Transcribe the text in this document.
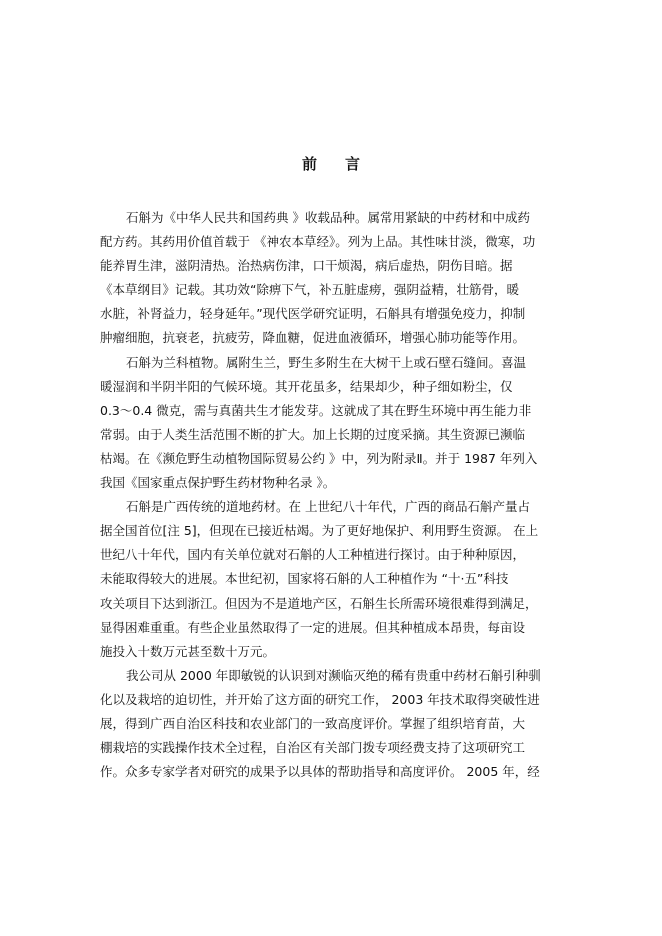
前 言
石斛为《中华人民共和国药典 》收载品种。属常用紧缺的中药材和中成药
配方药。其药用价值首载于 《神农本草经》。列为上品。其性味甘淡，微寒，功
能养胃生津，滋阴清热。治热病伤津，口干烦渴，病后虚热，阴伤目暗。据
《本草纲目》记载。其功效“除痹下气，补五脏虚痨，强阴益精，壮筋骨，暖
水脏，补肾益力，轻身延年。”现代医学研究证明，石斛具有增强免疫力，抑制
肿瘤细胞，抗衰老，抗疲劳，降血糖，促进血液循环，增强心肺功能等作用。
石斛为兰科植物。属附生兰，野生多附生在大树干上或石壁石缝间。喜温
暖湿润和半阴半阳的气候环境。其开花虽多，结果却少，种子细如粉尘，仅
0.3～0.4 微克，需与真菌共生才能发芽。这就成了其在野生环境中再生能力非
常弱。由于人类生活范围不断的扩大。加上长期的过度采摘。其生资源已濒临
枯竭。在《濒危野生动植物国际贸易公约 》中，列为附录Ⅱ。并于 1987 年列入
我国《国家重点保护野生药材物种名录 》。
石斛是广西传统的道地药材。在 上世纪八十年代，广西的商品石斛产量占
据全国首位[注 5]，但现在已接近枯竭。为了更好地保护、利用野生资源。 在上
世纪八十年代，国内有关单位就对石斛的人工种植进行探讨。由于种种原因，
未能取得较大的进展。本世纪初，国家将石斛的人工种植作为 “十·五”科技
攻关项目下达到浙江。但因为不是道地产区，石斛生长所需环境很难得到满足，
显得困难重重。有些企业虽然取得了一定的进展。但其种植成本昂贵，每亩设
施投入十数万元甚至数十万元。
我公司从 2000 年即敏锐的认识到对濒临灭绝的稀有贵重中药材石斛引种驯
化以及栽培的迫切性，并开始了这方面的研究工作， 2003 年技术取得突破性进
展，得到广西自治区科技和农业部门的一致高度评价。掌握了组织培育苗，大
棚栽培的实践操作技术全过程，自治区有关部门拨专项经费支持了这项研究工
作。众多专家学者对研究的成果予以具体的帮助指导和高度评价。 2005 年，经
